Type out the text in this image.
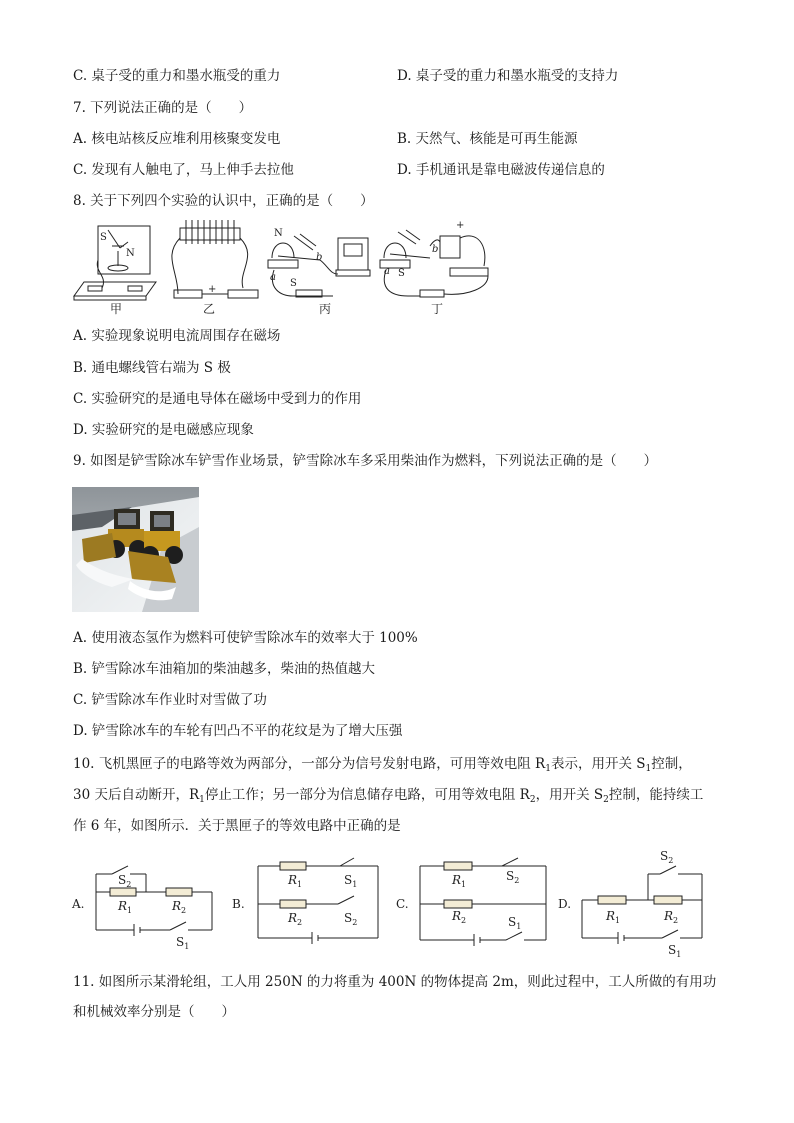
C. 桌子受的重力和墨水瓶受的重力	D. 桌子受的重力和墨水瓶受的支持力
7. 下列说法正确的是（　　）
A. 核电站核反应堆利用核聚变发电	B. 天然气、核能是可再生能源
C. 发现有人触电了，马上伸手去拉他	D. 手机通讯是靠电磁波传递信息的
8. 关于下列四个实验的认识中，正确的是（　　）
S
N
+
N
S
a
b
S
a
b
+
甲	乙	丙	丁
A. 实验现象说明电流周围存在磁场
B. 通电螺线管右端为 S 极
C. 实验研究的是通电导体在磁场中受到力的作用
D. 实验研究的是电磁感应现象
9. 如图是铲雪除冰车铲雪作业场景，铲雪除冰车多采用柴油作为燃料，下列说法正确的是（　　）
A. 使用液态氢作为燃料可使铲雪除冰车的效率大于 100%
B. 铲雪除冰车油箱加的柴油越多，柴油的热值越大
C. 铲雪除冰车作业时对雪做了功
D. 铲雪除冰车的车轮有凹凸不平的花纹是为了增大压强
10. 飞机黑匣子的电路等效为两部分，一部分为信号发射电路，可用等效电阻 $R_1$表示，用开关 $S_1$控制，
30 天后自动断开，$R_1$停止工作；另一部分为信息储存电路，可用等效电阻 $R_2$，用开关 $S_2$控制，能持续工
作 6 年，如图所示．关于黑匣子的等效电路中正确的是
A.	B.	C.	D.
$S_2$
$R_1$	$R_2$
$S_1$
$R_1$	$S_1$
$R_2$	$S_2$
$R_1$
$S_2$
$R_2$	$S_1$
$S_2$
$R_1$	$R_2$
$S_1$
11. 如图所示某滑轮组，工人用 250N 的力将重为 400N 的物体提高 2m，则此过程中，工人所做的有用功
和机械效率分别是（　　）
